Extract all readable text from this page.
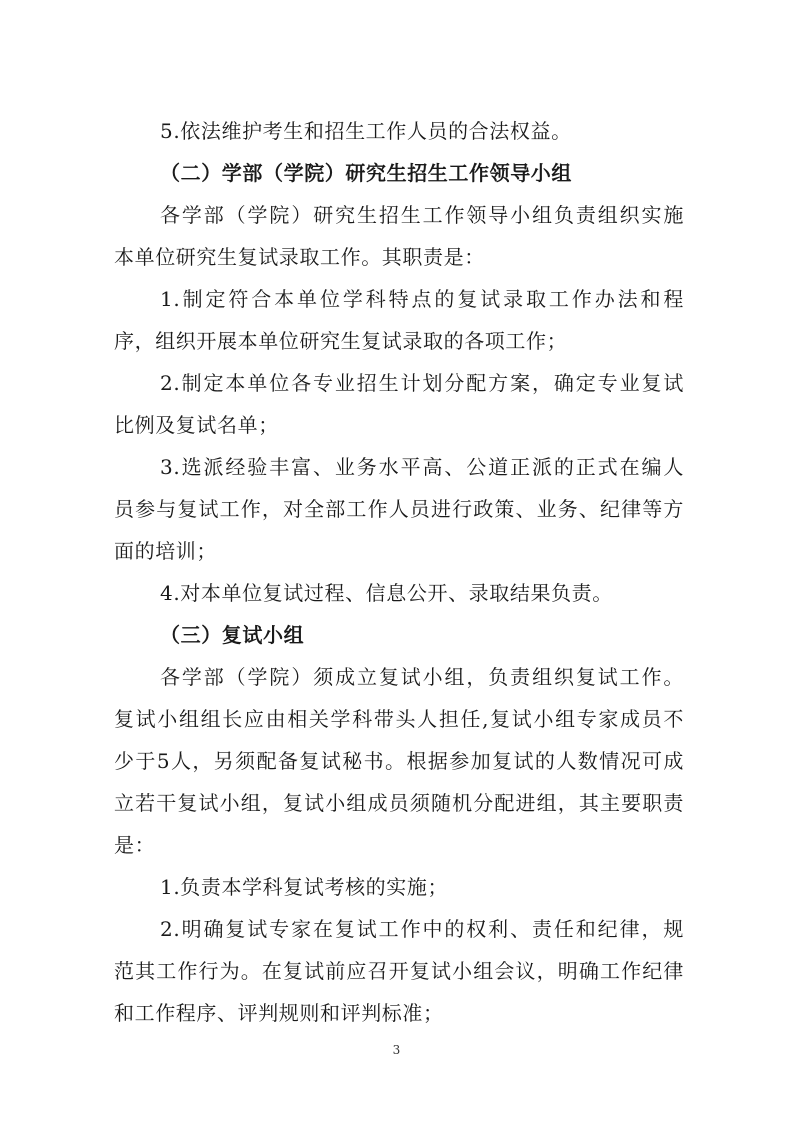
5.依法维护考生和招生工作人员的合法权益。
（二）学部（学院）研究生招生工作领导小组
各学部（学院）研究生招生工作领导小组负责组织实施
本单位研究生复试录取工作。其职责是：
1.制定符合本单位学科特点的复试录取工作办法和程
序，组织开展本单位研究生复试录取的各项工作；
2.制定本单位各专业招生计划分配方案，确定专业复试
比例及复试名单；
3.选派经验丰富、业务水平高、公道正派的正式在编人
员参与复试工作，对全部工作人员进行政策、业务、纪律等方
面的培训；
4.对本单位复试过程、信息公开、录取结果负责。
（三）复试小组
各学部（学院）须成立复试小组，负责组织复试工作。
复试小组组长应由相关学科带头人担任,复试小组专家成员不
少于5人，另须配备复试秘书。根据参加复试的人数情况可成
立若干复试小组，复试小组成员须随机分配进组，其主要职责
是：
1.负责本学科复试考核的实施；
2.明确复试专家在复试工作中的权利、责任和纪律，规
范其工作行为。在复试前应召开复试小组会议，明确工作纪律
和工作程序、评判规则和评判标准；
3
